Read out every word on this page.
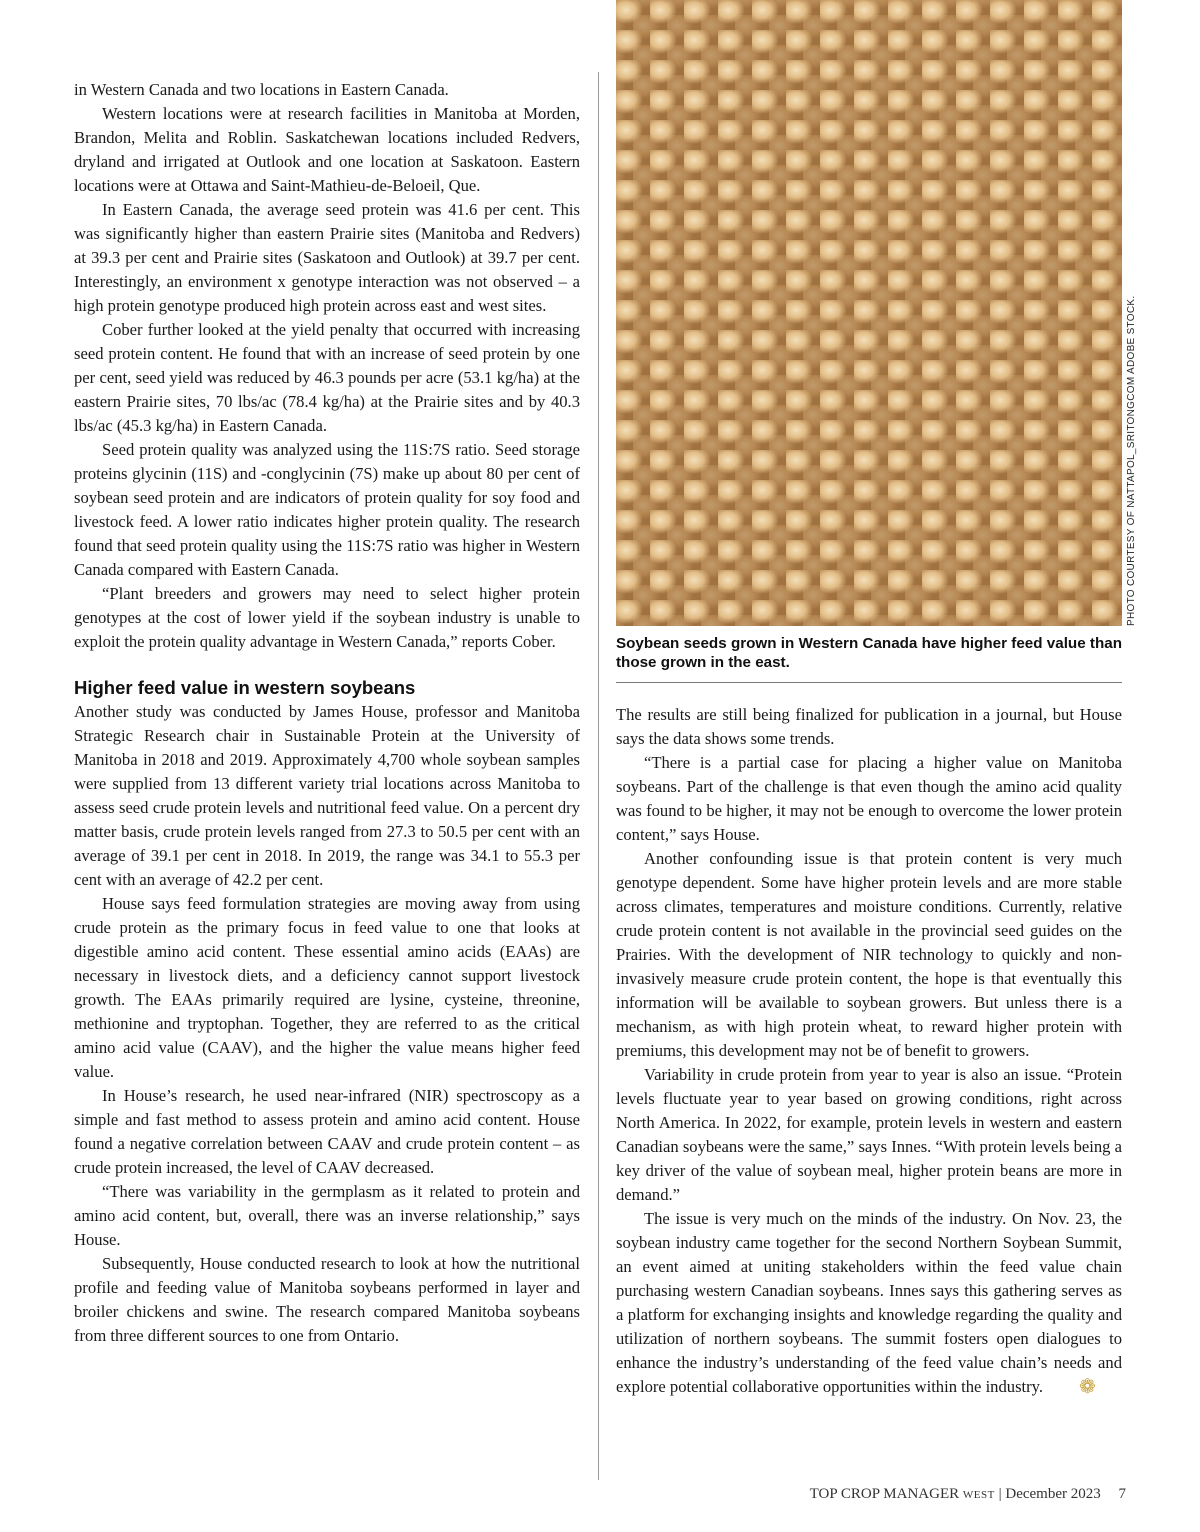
in Western Canada and two locations in Eastern Canada.

Western locations were at research facilities in Manitoba at Morden, Brandon, Melita and Roblin. Saskatchewan locations included Redvers, dryland and irrigated at Outlook and one location at Saskatoon. Eastern locations were at Ottawa and Saint-Mathieu-de-Beloeil, Que.

In Eastern Canada, the average seed protein was 41.6 per cent. This was significantly higher than eastern Prairie sites (Manitoba and Redvers) at 39.3 per cent and Prairie sites (Saskatoon and Outlook) at 39.7 per cent. Interestingly, an environment x genotype interaction was not observed – a high protein genotype produced high protein across east and west sites.

Cober further looked at the yield penalty that occurred with increasing seed protein content. He found that with an increase of seed protein by one per cent, seed yield was reduced by 46.3 pounds per acre (53.1 kg/ha) at the eastern Prairie sites, 70 lbs/ac (78.4 kg/ha) at the Prairie sites and by 40.3 lbs/ac (45.3 kg/ha) in Eastern Canada.

Seed protein quality was analyzed using the 11S:7S ratio. Seed storage proteins glycinin (11S) and -conglycinin (7S) make up about 80 per cent of soybean seed protein and are indicators of protein quality for soy food and livestock feed. A lower ratio indicates higher protein quality. The research found that seed protein quality using the 11S:7S ratio was higher in Western Canada compared with Eastern Canada.

“Plant breeders and growers may need to select higher protein genotypes at the cost of lower yield if the soybean industry is unable to exploit the protein quality advantage in Western Canada,” reports Cober.

Higher feed value in western soybeans

Another study was conducted by James House, professor and Manitoba Strategic Research chair in Sustainable Protein at the University of Manitoba in 2018 and 2019. Approximately 4,700 whole soybean samples were supplied from 13 different variety trial locations across Manitoba to assess seed crude protein levels and nutritional feed value. On a percent dry matter basis, crude protein levels ranged from 27.3 to 50.5 per cent with an average of 39.1 per cent in 2018. In 2019, the range was 34.1 to 55.3 per cent with an average of 42.2 per cent.

House says feed formulation strategies are moving away from using crude protein as the primary focus in feed value to one that looks at digestible amino acid content. These essential amino acids (EAAs) are necessary in livestock diets, and a deficiency cannot support livestock growth. The EAAs primarily required are lysine, cysteine, threonine, methionine and tryptophan. Together, they are referred to as the critical amino acid value (CAAV), and the higher the value means higher feed value.

In House’s research, he used near-infrared (NIR) spectroscopy as a simple and fast method to assess protein and amino acid content. House found a negative correlation between CAAV and crude protein content – as crude protein increased, the level of CAAV decreased.

“There was variability in the germplasm as it related to protein and amino acid content, but, overall, there was an inverse relationship,” says House.

Subsequently, House conducted research to look at how the nutritional profile and feeding value of Manitoba soybeans performed in layer and broiler chickens and swine. The research compared Manitoba soybeans from three different sources to one from Ontario.

PHOTO COURTESY OF NATTAPOL_SRITONGCOM ADOBE STOCK.
Soybean seeds grown in Western Canada have higher feed value than those grown in the east.

The results are still being finalized for publication in a journal, but House says the data shows some trends.

“There is a partial case for placing a higher value on Manitoba soybeans. Part of the challenge is that even though the amino acid quality was found to be higher, it may not be enough to overcome the lower protein content,” says House.

Another confounding issue is that protein content is very much genotype dependent. Some have higher protein levels and are more stable across climates, temperatures and moisture conditions. Currently, relative crude protein content is not available in the provincial seed guides on the Prairies. With the development of NIR technology to quickly and non-invasively measure crude protein content, the hope is that eventually this information will be available to soybean growers. But unless there is a mechanism, as with high protein wheat, to reward higher protein with premiums, this development may not be of benefit to growers.

Variability in crude protein from year to year is also an issue. “Protein levels fluctuate year to year based on growing conditions, right across North America. In 2022, for example, protein levels in western and eastern Canadian soybeans were the same,” says Innes. “With protein levels being a key driver of the value of soybean meal, higher protein beans are more in demand.”

The issue is very much on the minds of the industry. On Nov. 23, the soybean industry came together for the second Northern Soybean Summit, an event aimed at uniting stakeholders within the feed value chain purchasing western Canadian soybeans. Innes says this gathering serves as a platform for exchanging insights and knowledge regarding the quality and utilization of northern soybeans. The summit fosters open dialogues to enhance the industry’s understanding of the feed value chain’s needs and explore potential collaborative opportunities within the industry. ❁

TOP CROP MANAGER WEST | December 2023 7
